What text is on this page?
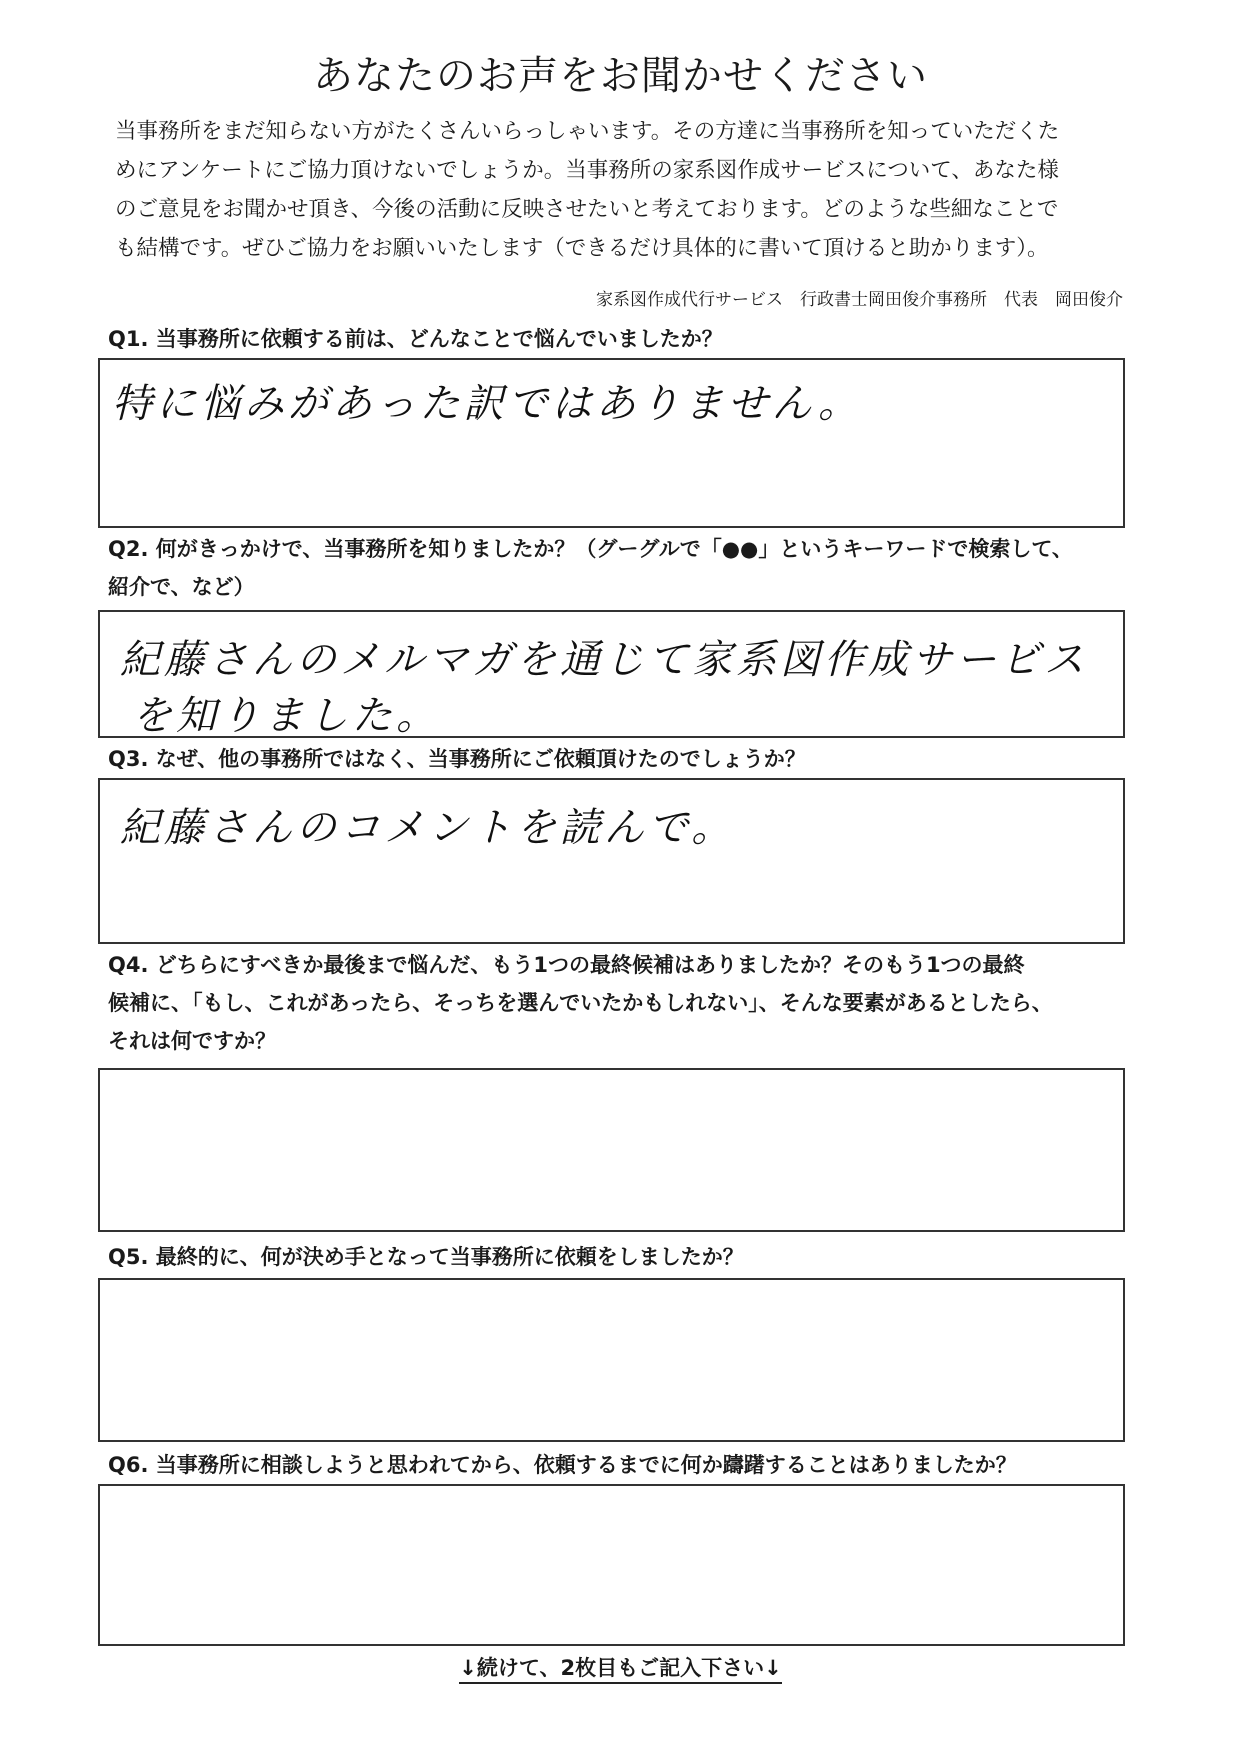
あなたのお声をお聞かせください

当事務所をまだ知らない方がたくさんいらっしゃいます。その方達に当事務所を知っていただくた
めにアンケートにご協力頂けないでしょうか。当事務所の家系図作成サービスについて、あなた様
のご意見をお聞かせ頂き、今後の活動に反映させたいと考えております。どのような些細なことで
も結構です。ぜひご協力をお願いいたします（できるだけ具体的に書いて頂けると助かります）。

家系図作成代行サービス　行政書士岡田俊介事務所　代表　岡田俊介

Q1. 当事務所に依頼する前は、どんなことで悩んでいましたか？

特に悩みがあった訳ではありません。

Q2. 何がきっかけで、当事務所を知りましたか？（グーグルで「●●」というキーワードで検索して、
紹介で、など）

紀藤さんのメルマガを通じて家系図作成サービス
を知りました。

Q3. なぜ、他の事務所ではなく、当事務所にご依頼頂けたのでしょうか？

紀藤さんのコメントを読んで。

Q4. どちらにすべきか最後まで悩んだ、もう1つの最終候補はありましたか？そのもう1つの最終
候補に、「もし、これがあったら、そっちを選んでいたかもしれない」、そんな要素があるとしたら、
それは何ですか？

Q5. 最終的に、何が決め手となって当事務所に依頼をしましたか？

Q6. 当事務所に相談しようと思われてから、依頼するまでに何か躊躇することはありましたか？

↓続けて、2枚目もご記入下さい↓
